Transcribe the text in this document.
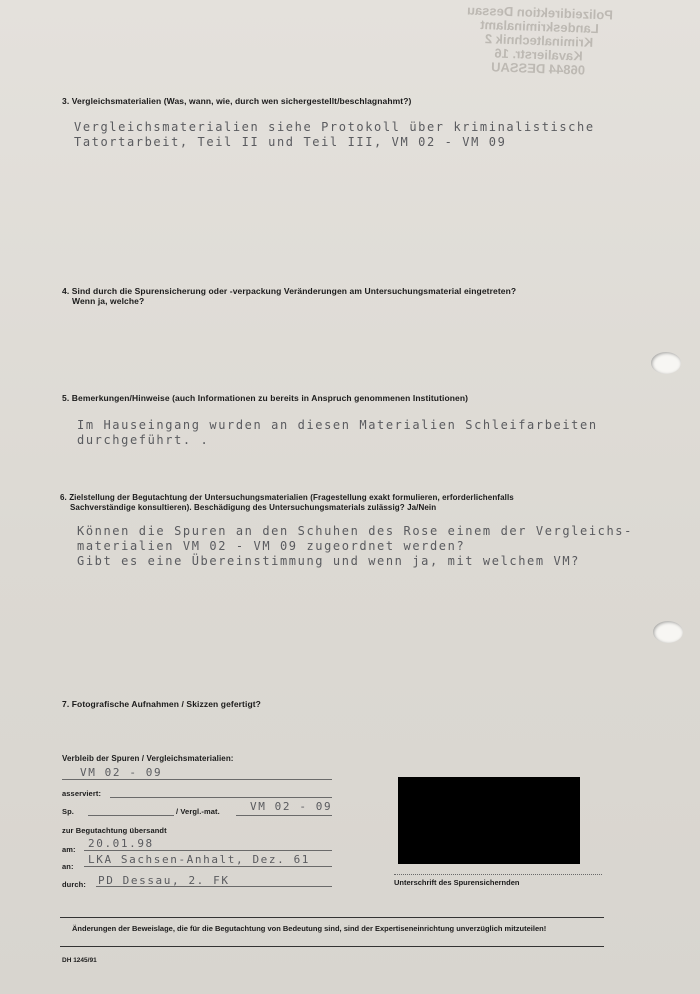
Polizeidirektion Dessau
Landeskriminalamt
Kriminaltechnik 2
Kavalierstr. 16
06844 DESSAU
3. Vergleichsmaterialien (Was, wann, wie, durch wen sichergestellt/beschlagnahmt?)
Vergleichsmaterialien siehe Protokoll über kriminalistische
Tatortarbeit, Teil II und Teil III, VM 02 - VM 09
4. Sind durch die Spurensicherung oder -verpackung Veränderungen am Untersuchungsmaterial eingetreten?
Wenn ja, welche?
5. Bemerkungen/Hinweise (auch Informationen zu bereits in Anspruch genommenen Institutionen)
Im Hauseingang wurden an diesen Materialien Schleifarbeiten
durchgeführt. .
6. Zielstellung der Begutachtung der Untersuchungsmaterialien (Fragestellung exakt formulieren, erforderlichenfalls
Sachverständige konsultieren). Beschädigung des Untersuchungsmaterials zulässig? Ja/Nein
Können die Spuren an den Schuhen des Rose einem der Vergleichs-
materialien VM 02 - VM 09 zugeordnet werden?
Gibt es eine Übereinstimmung und wenn ja, mit welchem VM?
7. Fotografische Aufnahmen / Skizzen gefertigt?
Verbleib der Spuren / Vergleichsmaterialien:
VM 02 - 09
asserviert:
Sp.	/ Vergl.-mat.	VM 02 - 09
zur Begutachtung übersandt
am: 20.01.98
an:
LKA Sachsen-Anhalt, Dez. 61
durch: PD Dessau, 2. FK	Unterschrift des Spurensichernden
Änderungen der Beweislage, die für die Begutachtung von Bedeutung sind, sind der Expertiseneinrichtung unverzüglich mitzuteilen!
DH 1245/91
